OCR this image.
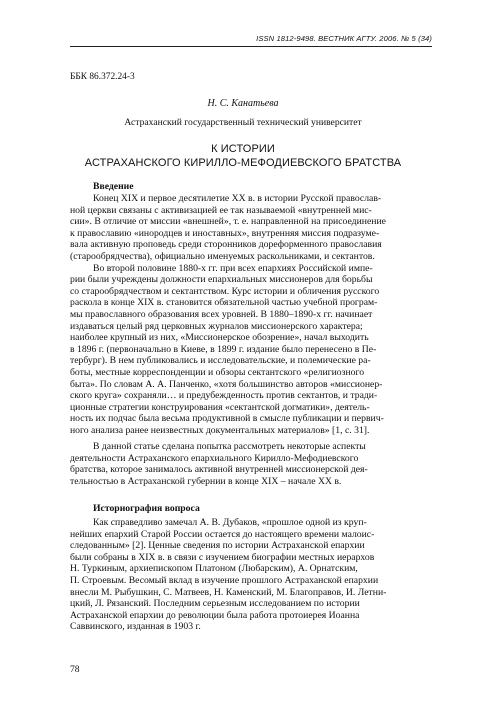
ISSN 1812-9498. ВЕСТНИК АГТУ. 2006. № 5 (34)
ББК 86.372.24-3
Н. С. Канатьева
Астраханский государственный технический университет
К ИСТОРИИ
АСТРАХАНСКОГО КИРИЛЛО-МЕФОДИЕВСКОГО БРАТСТВА
Введение
Конец XIX и первое десятилетие XX в. в истории Русской православ-
ной церкви связаны с активизацией ее так называемой «внутренней мис-
сии». В отличие от миссии «внешней», т. е. направленной на присоединение
к православию «инородцев и иноставных», внутренняя миссия подразуме-
вала активную проповедь среди сторонников дореформенного православия
(старообрядчества), официально именуемых раскольниками, и сектантов.
Во второй половине 1880-х гг. при всех епархиях Российской импе-
рии были учреждены должности епархиальных миссионеров для борьбы
со старообрядчеством и сектантством. Курс истории и обличения русского
раскола в конце XIX в. становится обязательной частью учебной програм-
мы православного образования всех уровней. В 1880–1890-х гг. начинает
издаваться целый ряд церковных журналов миссионерского характера;
наиболее крупный из них, «Миссионерское обозрение», начал выходить
в 1896 г. (первоначально в Киеве, в 1899 г. издание было перенесено в Пе-
тербург). В нем публиковались и исследовательские, и полемические ра-
боты, местные корреспонденции и обзоры сектантского «религиозного
быта». По словам А. А. Панченко, «хотя большинство авторов «миссионер-
ского круга» сохраняли… и предубежденность против сектантов, и тради-
ционные стратегии конструирования «сектантской догматики», деятель-
ность их подчас была весьма продуктивной в смысле публикации и первич-
ного анализа ранее неизвестных документальных материалов» [1, с. 31].
В данной статье сделана попытка рассмотреть некоторые аспекты
деятельности Астраханского епархиального Кирилло-Мефодиевского
братства, которое занималось активной внутренней миссионерской дея-
тельностью в Астраханской губернии в конце XIX – начале XX в.
Историография вопроса
Как справедливо замечал А. В. Дубаков, «прошлое одной из круп-
нейших епархий Старой России остается до настоящего времени малоис-
следованным» [2]. Ценные сведения по истории Астраханской епархии
были собраны в XIX в. в связи с изучением биографии местных иерархов
Н. Туркиным, архиепископом Платоном (Любарским), А. Орнатским,
П. Строевым. Весомый вклад в изучение прошлого Астраханской епархии
внесли М. Рыбушкин, С. Матвеев, Н. Каменский, М. Благоправов, И. Летни-
цкий, Л. Рязанский. Последним серьезным исследованием по истории
Астраханской епархии до революции была работа протоиерея Иоанна
Саввинского, изданная в 1903 г.
78
